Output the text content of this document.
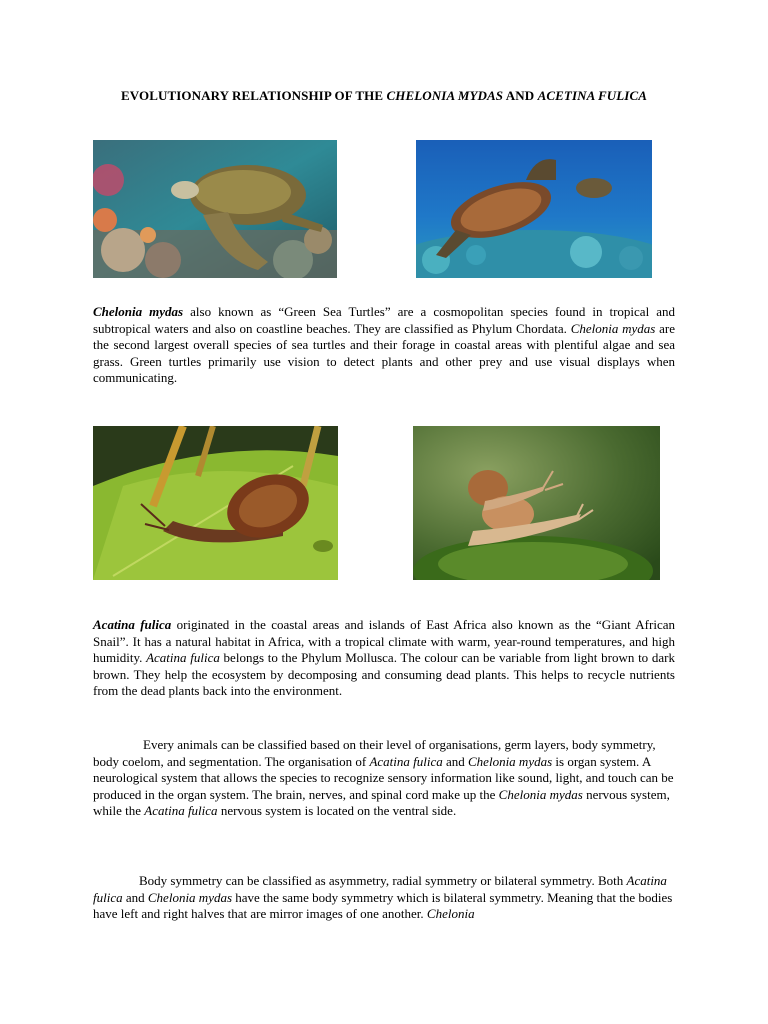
EVOLUTIONARY RELATIONSHIP OF THE CHELONIA MYDAS AND ACETINA FULICA

Chelonia mydas also known as “Green Sea Turtles” are a cosmopolitan species found in tropical and subtropical waters and also on coastline beaches. They are classified as Phylum Chordata. Chelonia mydas are the second largest overall species of sea turtles and their forage in coastal areas with plentiful algae and sea grass. Green turtles primarily use vision to detect plants and other prey and use visual displays when communicating.

Acatina fulica originated in the coastal areas and islands of East Africa also known as the “Giant African Snail”. It has a natural habitat in Africa, with a tropical climate with warm, year-round temperatures, and high humidity. Acatina fulica belongs to the Phylum Mollusca. The colour can be variable from light brown to dark brown. They help the ecosystem by decomposing and consuming dead plants. This helps to recycle nutrients from the dead plants back into the environment.

Every animals can be classified based on their level of organisations, germ layers, body symmetry, body coelom, and segmentation. The organisation of Acatina fulica and Chelonia mydas is organ system. A neurological system that allows the species to recognize sensory information like sound, light, and touch can be produced in the organ system. The brain, nerves, and spinal cord make up the Chelonia mydas nervous system, while the Acatina fulica nervous system is located on the ventral side.

Body symmetry can be classified as asymmetry, radial symmetry or bilateral symmetry. Both Acatina fulica and Chelonia mydas have the same body symmetry which is bilateral symmetry. Meaning that the bodies have left and right halves that are mirror images of one another. Chelonia
